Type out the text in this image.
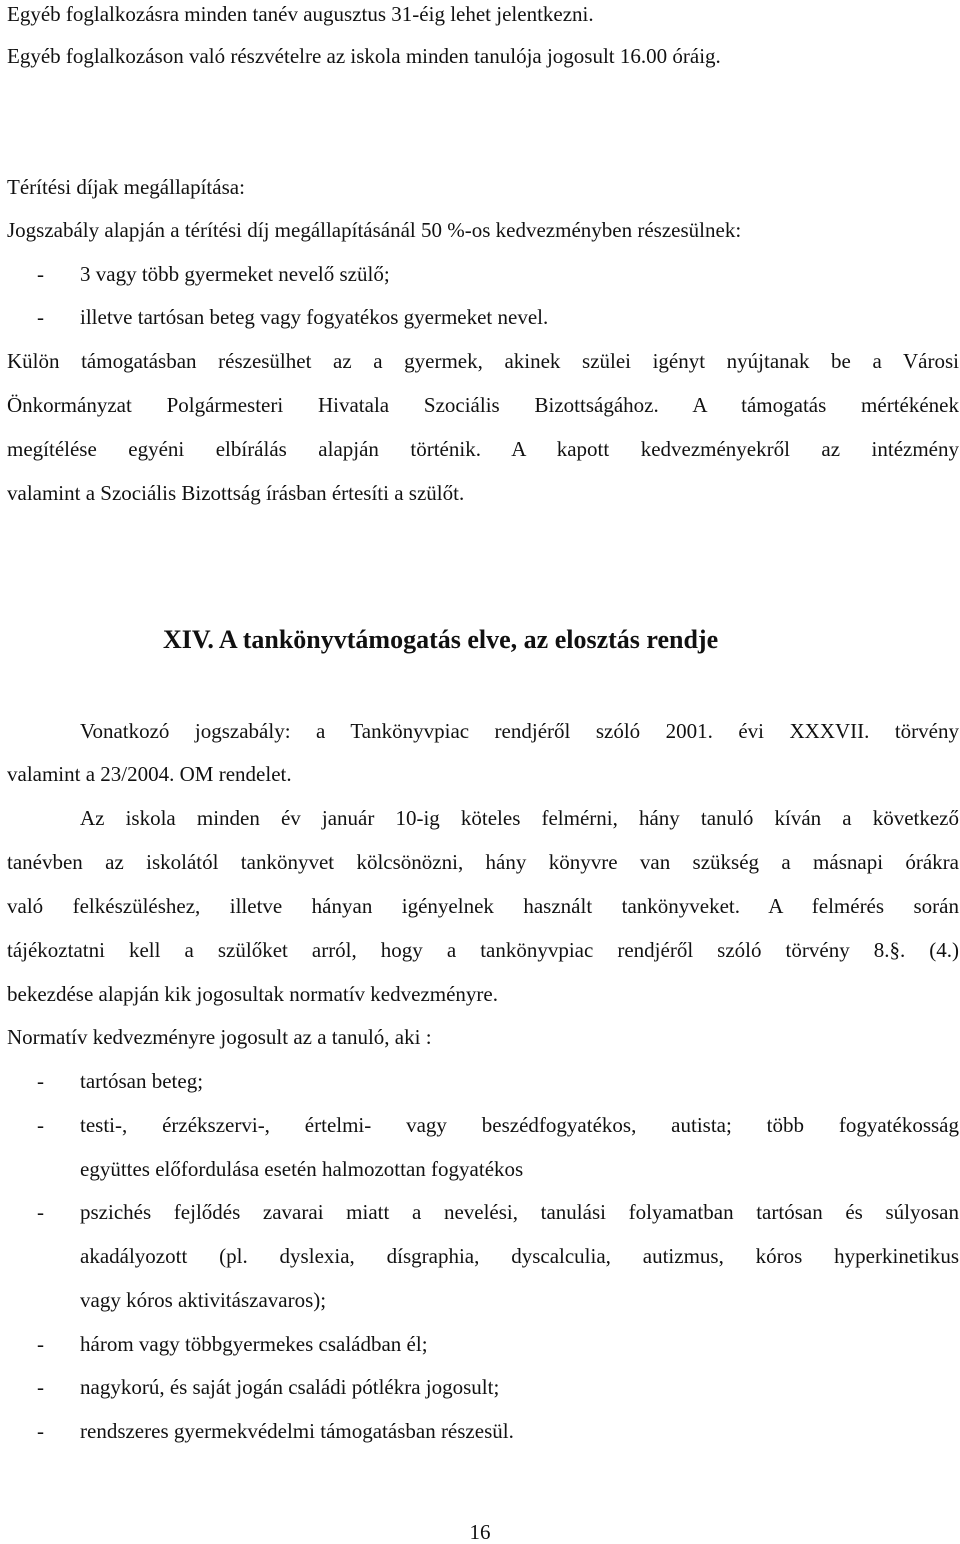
Egyéb foglalkozásra minden tanév augusztus 31-éig lehet jelentkezni.
Egyéb foglalkozáson való részvételre az iskola minden tanulója jogosult 16.00 óráig.
Térítési díjak megállapítása:
Jogszabály alapján a térítési díj megállapításánál 50 %-os kedvezményben részesülnek:
- 3 vagy több gyermeket nevelő szülő;
- illetve tartósan beteg vagy fogyatékos gyermeket nevel.
Külön támogatásban részesülhet az a gyermek, akinek szülei igényt nyújtanak be a Városi
Önkormányzat Polgármesteri Hivatala Szociális Bizottságához. A támogatás mértékének
megítélése egyéni elbírálás alapján történik. A kapott kedvezményekről az intézmény
valamint a Szociális Bizottság írásban értesíti a szülőt.
XIV. A tankönyvtámogatás elve, az elosztás rendje
Vonatkozó jogszabály: a Tankönyvpiac rendjéről szóló 2001. évi XXXVII. törvény
valamint a 23/2004. OM rendelet.
Az iskola minden év január 10-ig köteles felmérni, hány tanuló kíván a következő
tanévben az iskolától tankönyvet kölcsönözni, hány könyvre van szükség a másnapi órákra
való felkészüléshez, illetve hányan igényelnek használt tankönyveket. A felmérés során
tájékoztatni kell a szülőket arról, hogy a tankönyvpiac rendjéről szóló törvény 8.§. (4.)
bekezdése alapján kik jogosultak normatív kedvezményre.
Normatív kedvezményre jogosult az a tanuló, aki :
- tartósan beteg;
- testi-, érzékszervi-, értelmi- vagy beszédfogyatékos, autista; több fogyatékosság
együttes előfordulása esetén halmozottan fogyatékos
- pszichés fejlődés zavarai miatt a nevelési, tanulási folyamatban tartósan és súlyosan
akadályozott (pl. dyslexia, dísgraphia, dyscalculia, autizmus, kóros hyperkinetikus
vagy kóros aktivitászavaros);
- három vagy többgyermekes családban él;
- nagykorú, és saját jogán családi pótlékra jogosult;
- rendszeres gyermekvédelmi támogatásban részesül.
16
